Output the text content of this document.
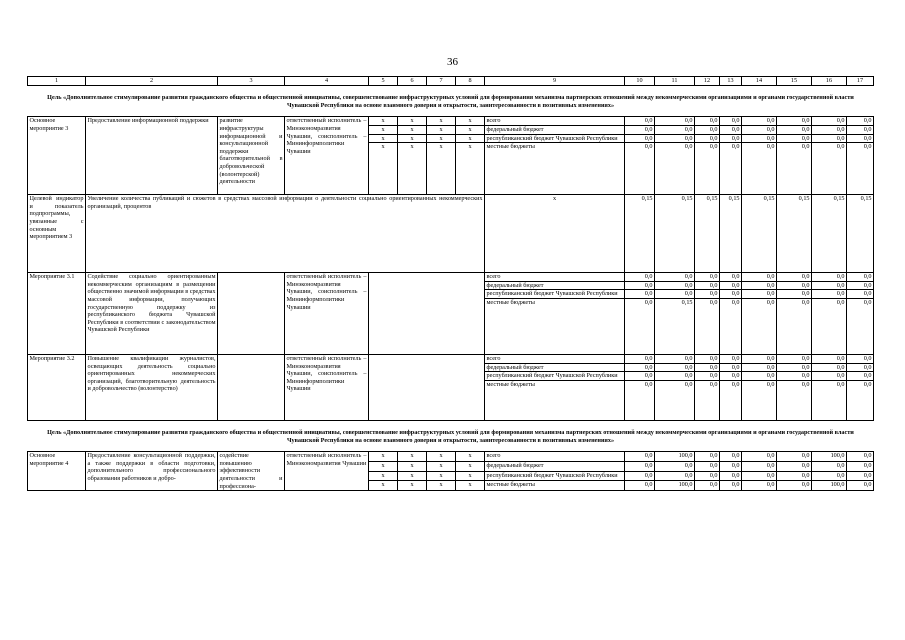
36
1	2	3	4	5	6	7	8	9	10	11	12	13	14	15	16	17
Цель «Дополнительное стимулирование развития гражданского общества и общественной инициативы, совершенствование инфраструктурных условий для формирования механизма партнерских отношений между некоммерческими организациями и органами государственной власти Чувашской Республики на основе взаимного доверия и открытости, заинтересованности в позитивных изменениях»																
Основное мероприятие 3	Предоставление информационной поддержки	развитие инфраструктуры информационной и консультационной поддержки благотворительной в добровольческой (волонтерской) деятельности	ответственный исполнитель – Минэкономразвития Чувашии, соисполнитель – Мининформполитики Чувашии	x	x	x	x	всего	0,0	0,0	0,0	0,0	0,0	0,0	0,0	0,0
				x	x	x	x	федеральный бюджет	0,0	0,0	0,0	0,0	0,0	0,0	0,0	0,0
				x	x	x	x	республиканский бюджет Чувашской Республики	0,0	0,0	0,0	0,0	0,0	0,0	0,0	0,0
				x	x	x	x	местные бюджеты	0,0	0,0	0,0	0,0	0,0	0,0	0,0	0,0
Целевой индикатор и показатель подпрограммы, увязанные с основным мероприятием 3	Увеличение количества публикаций и сюжетов в средствах массовой информации о деятельности социально ориентированных некоммерческих организаций, процентов							x	0,15	0,15	0,15	0,15	0,15	0,15	0,15	0,15
Мероприятие 3.1	Содействие социально ориентированным некоммерческим организациям в размещении общественно значимой информации в средствах массовой информации, получающих государственную поддержку из республиканского бюджета Чувашской Республики в соответствии с законодательством Чувашской Республики		ответственный исполнитель – Минэкономразвития Чувашии, соисполнитель – Мининформполитики Чувашии					всего	0,0	0,0	0,0	0,0	0,0	0,0	0,0	0,0
								федеральный бюджет	0,0	0,0	0,0	0,0	0,0	0,0	0,0	0,0
								республиканский бюджет Чувашской Республики	0,0	0,0	0,0	0,0	0,0	0,0	0,0	0,0
								местные бюджеты	0,0	0,15	0,0	0,0	0,0	0,0	0,0	0,0
Мероприятие 3.2	Повышение квалификации журналистов, освещающих деятельность социально ориентированных некоммерческих организаций, благотворительную деятельность и добровольчество (волонтерство)		ответственный исполнитель – Минэкономразвития Чувашии, соисполнитель – Мининформполитики Чувашии					всего	0,0	0,0	0,0	0,0	0,0	0,0	0,0	0,0
								федеральный бюджет	0,0	0,0	0,0	0,0	0,0	0,0	0,0	0,0
								республиканский бюджет Чувашской Республики	0,0	0,0	0,0	0,0	0,0	0,0	0,0	0,0
								местные бюджеты	0,0	0,0	0,0	0,0	0,0	0,0	0,0	0,0
Цель «Дополнительное стимулирование развития гражданского общества и общественной инициативы, совершенствование инфраструктурных условий для формирования механизма партнерских отношений между некоммерческими организациями и органами государственной власти Чувашской Республики на основе взаимного доверия и открытости, заинтересованности в позитивных изменениях»																
Основное мероприятие 4	Предоставление консультационной поддержки, а также поддержки в области подготовки, дополнительного профессионального образования работников и добро-	содействие повышению эффективности деятельности и профессиона-	ответственный исполнитель – Минэкономразвития Чувашии	x	x	x	x	всего	0,0	100,0	0,0	0,0	0,0	0,0	100,0	0,0
				x	x	x	x	федеральный бюджет	0,0	0,0	0,0	0,0	0,0	0,0	0,0	0,0
				x	x	x	x	республиканский бюджет Чувашской Республики	0,0	0,0	0,0	0,0	0,0	0,0	0,0	0,0
				x	x	x	x	местные бюджеты	0,0	100,0	0,0	0,0	0,0	0,0	100,0	0,0
